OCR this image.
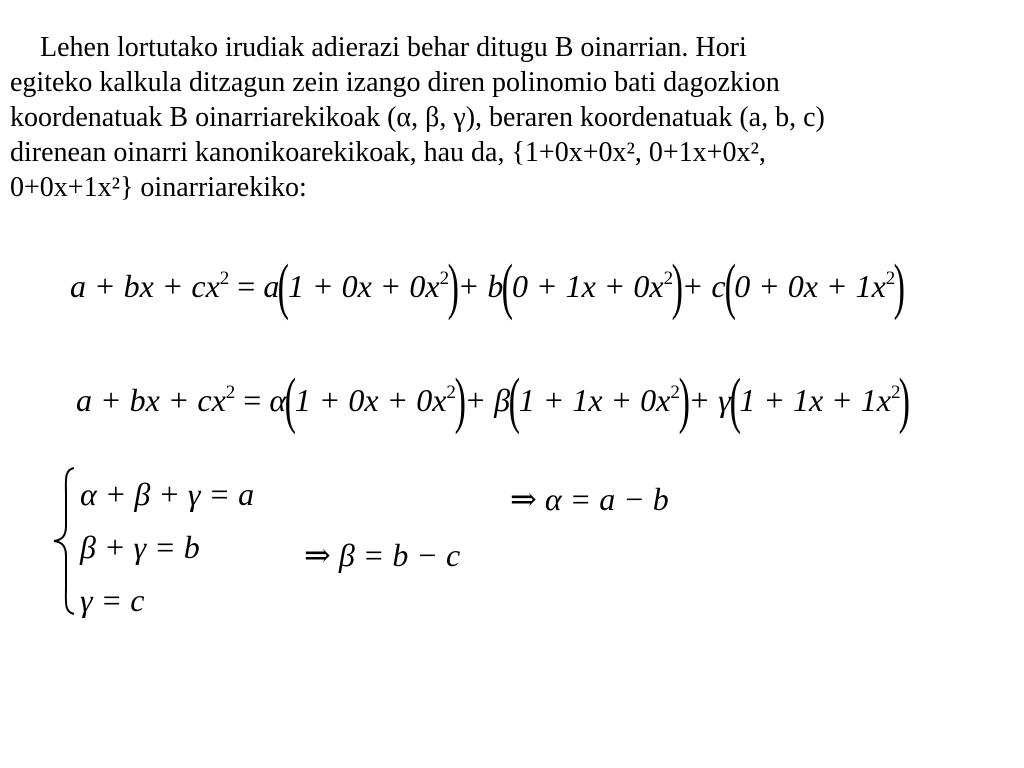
Lehen lortutako irudiak adierazi behar ditugu B oinarrian. Hori
egiteko kalkula ditzagun zein izango diren polinomio bati dagozkion
koordenatuak B oinarriarekikoak (α, β, γ), beraren koordenatuak (a, b, c)
direnean oinarri kanonikoarekikoak, hau da, {1+0x+0x², 0+1x+0x²,
0+0x+1x²} oinarriarekiko:
a + bx + $cx^2 = a(1 + 0x + 0x^2)+ b(0 + 1x + 0x^2)+ c(0 + 0x + 1x^2)$
a + bx + $cx^2 = \alpha(1 + 0x + 0x^2)+ \beta(1 + 1x + 0x^2)+ \gamma(1 + 1x + 1x^2)$
α + β + γ = a
β + γ = b
γ = c
⇒ β = b − c
⇒ α = a − b
